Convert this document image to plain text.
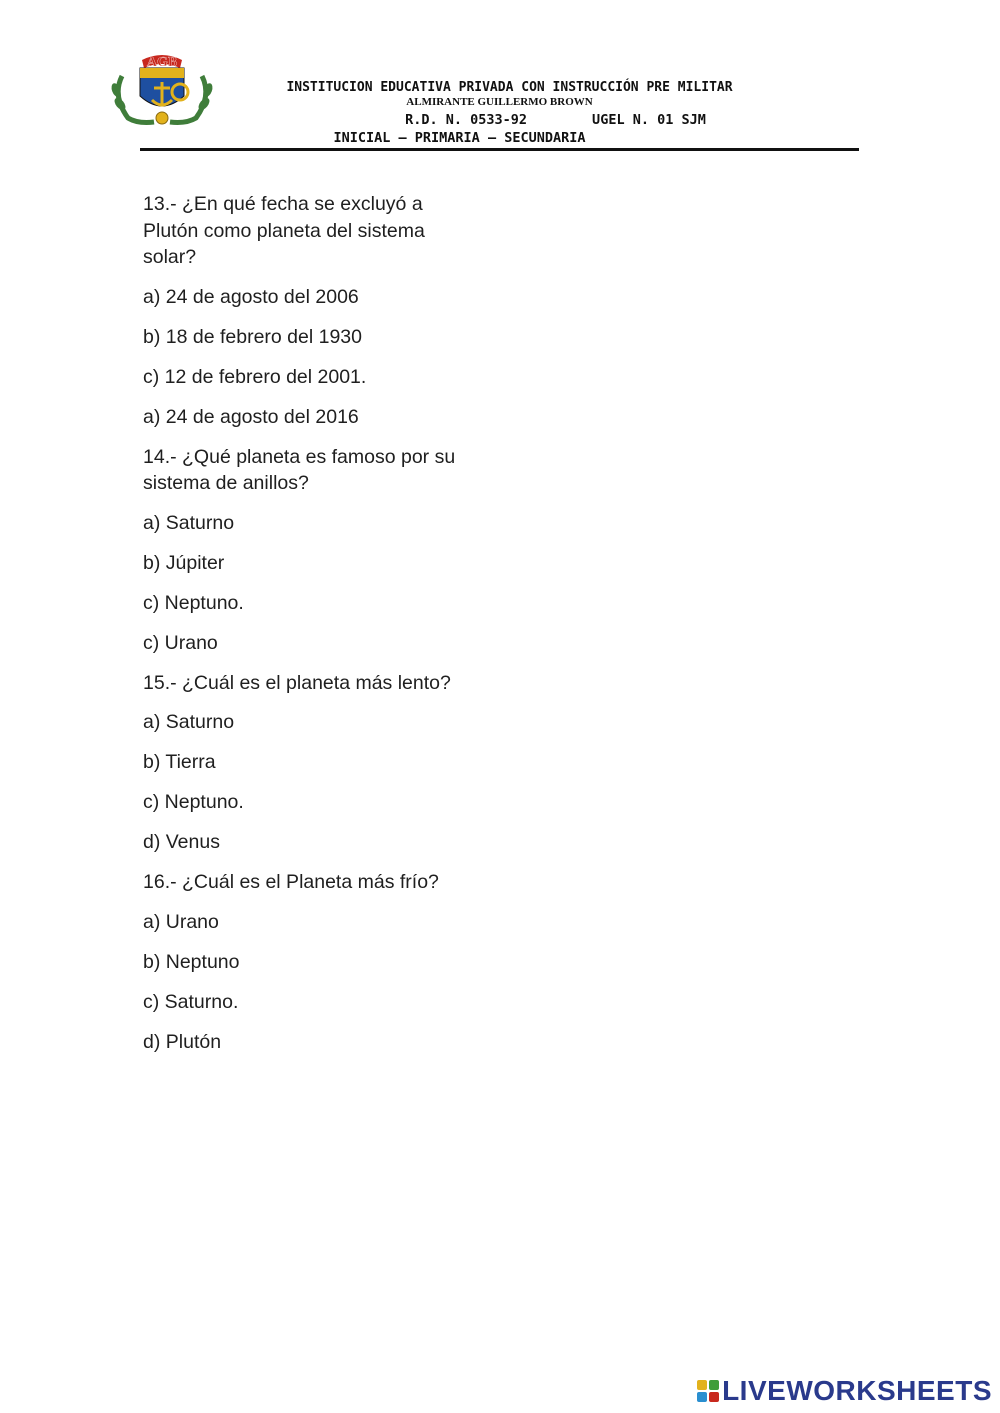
AGB
INSTITUCION EDUCATIVA PRIVADA CON INSTRUCCIÓN PRE MILITAR
ALMIRANTE GUILLERMO BROWN
R.D. N. 0533-92        UGEL N. 01 SJM
INICIAL – PRIMARIA – SECUNDARIA
13.- ¿En qué fecha se excluyó a Plutón como planeta del sistema solar?
a) 24 de agosto del 2006
b) 18 de febrero del 1930
c) 12 de febrero del 2001.
a) 24 de agosto del 2016
14.- ¿Qué planeta es famoso por su sistema de anillos?
a) Saturno
b) Júpiter
c) Neptuno.
c) Urano
15.- ¿Cuál es el planeta más lento?
a) Saturno
b) Tierra
c) Neptuno.
d) Venus
16.- ¿Cuál es el Planeta más frío?
a) Urano
b) Neptuno
c) Saturno.
d) Plutón
LIVEWORKSHEETS
